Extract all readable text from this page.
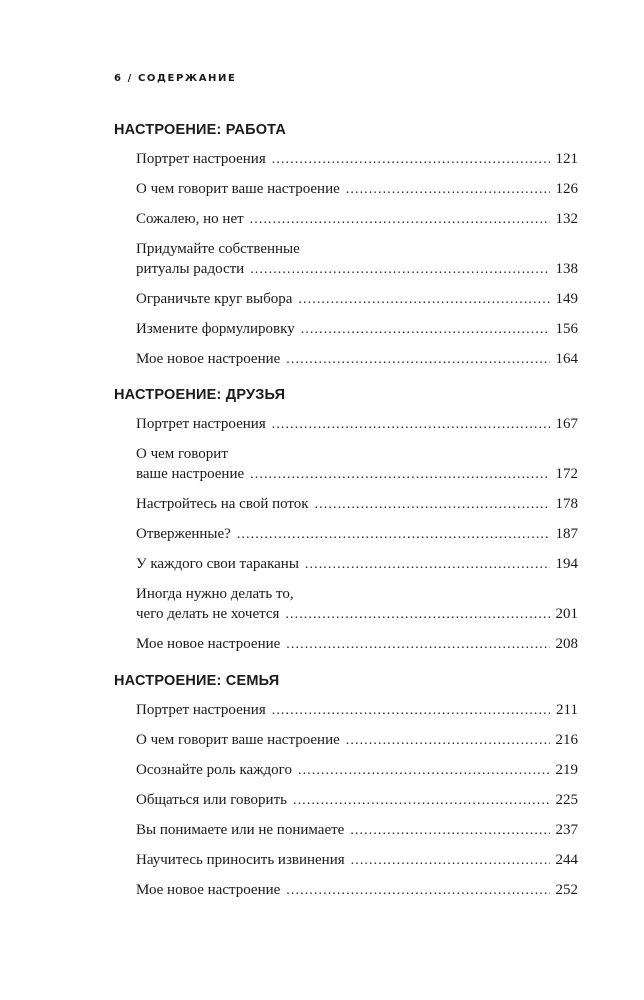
6 / СОДЕРЖАНИЕ
НАСТРОЕНИЕ: РАБОТА
Портрет настроения . . .	121
О чем говорит ваше настроение . . .	126
Сожалею, но нет . . .	132
Придумайте собственные
ритуалы радости . . .	138
Ограничьте круг выбора . . .	149
Измените формулировку . . .	156
Мое новое настроение . . .	164
НАСТРОЕНИЕ: ДРУЗЬЯ
Портрет настроения . . .	167
О чем говорит
ваше настроение . . .	172
Настройтесь на свой поток . . .	178
Отверженные? . . .	187
У каждого свои тараканы . . .	194
Иногда нужно делать то,
чего делать не хочется . . .	201
Мое новое настроение . . .	208
НАСТРОЕНИЕ: СЕМЬЯ
Портрет настроения . . .	211
О чем говорит ваше настроение . . .	216
Осознайте роль каждого . . .	219
Общаться или говорить . . .	225
Вы понимаете или не понимаете . . .	237
Научитесь приносить извинения . . .	244
Мое новое настроение . . .	252
